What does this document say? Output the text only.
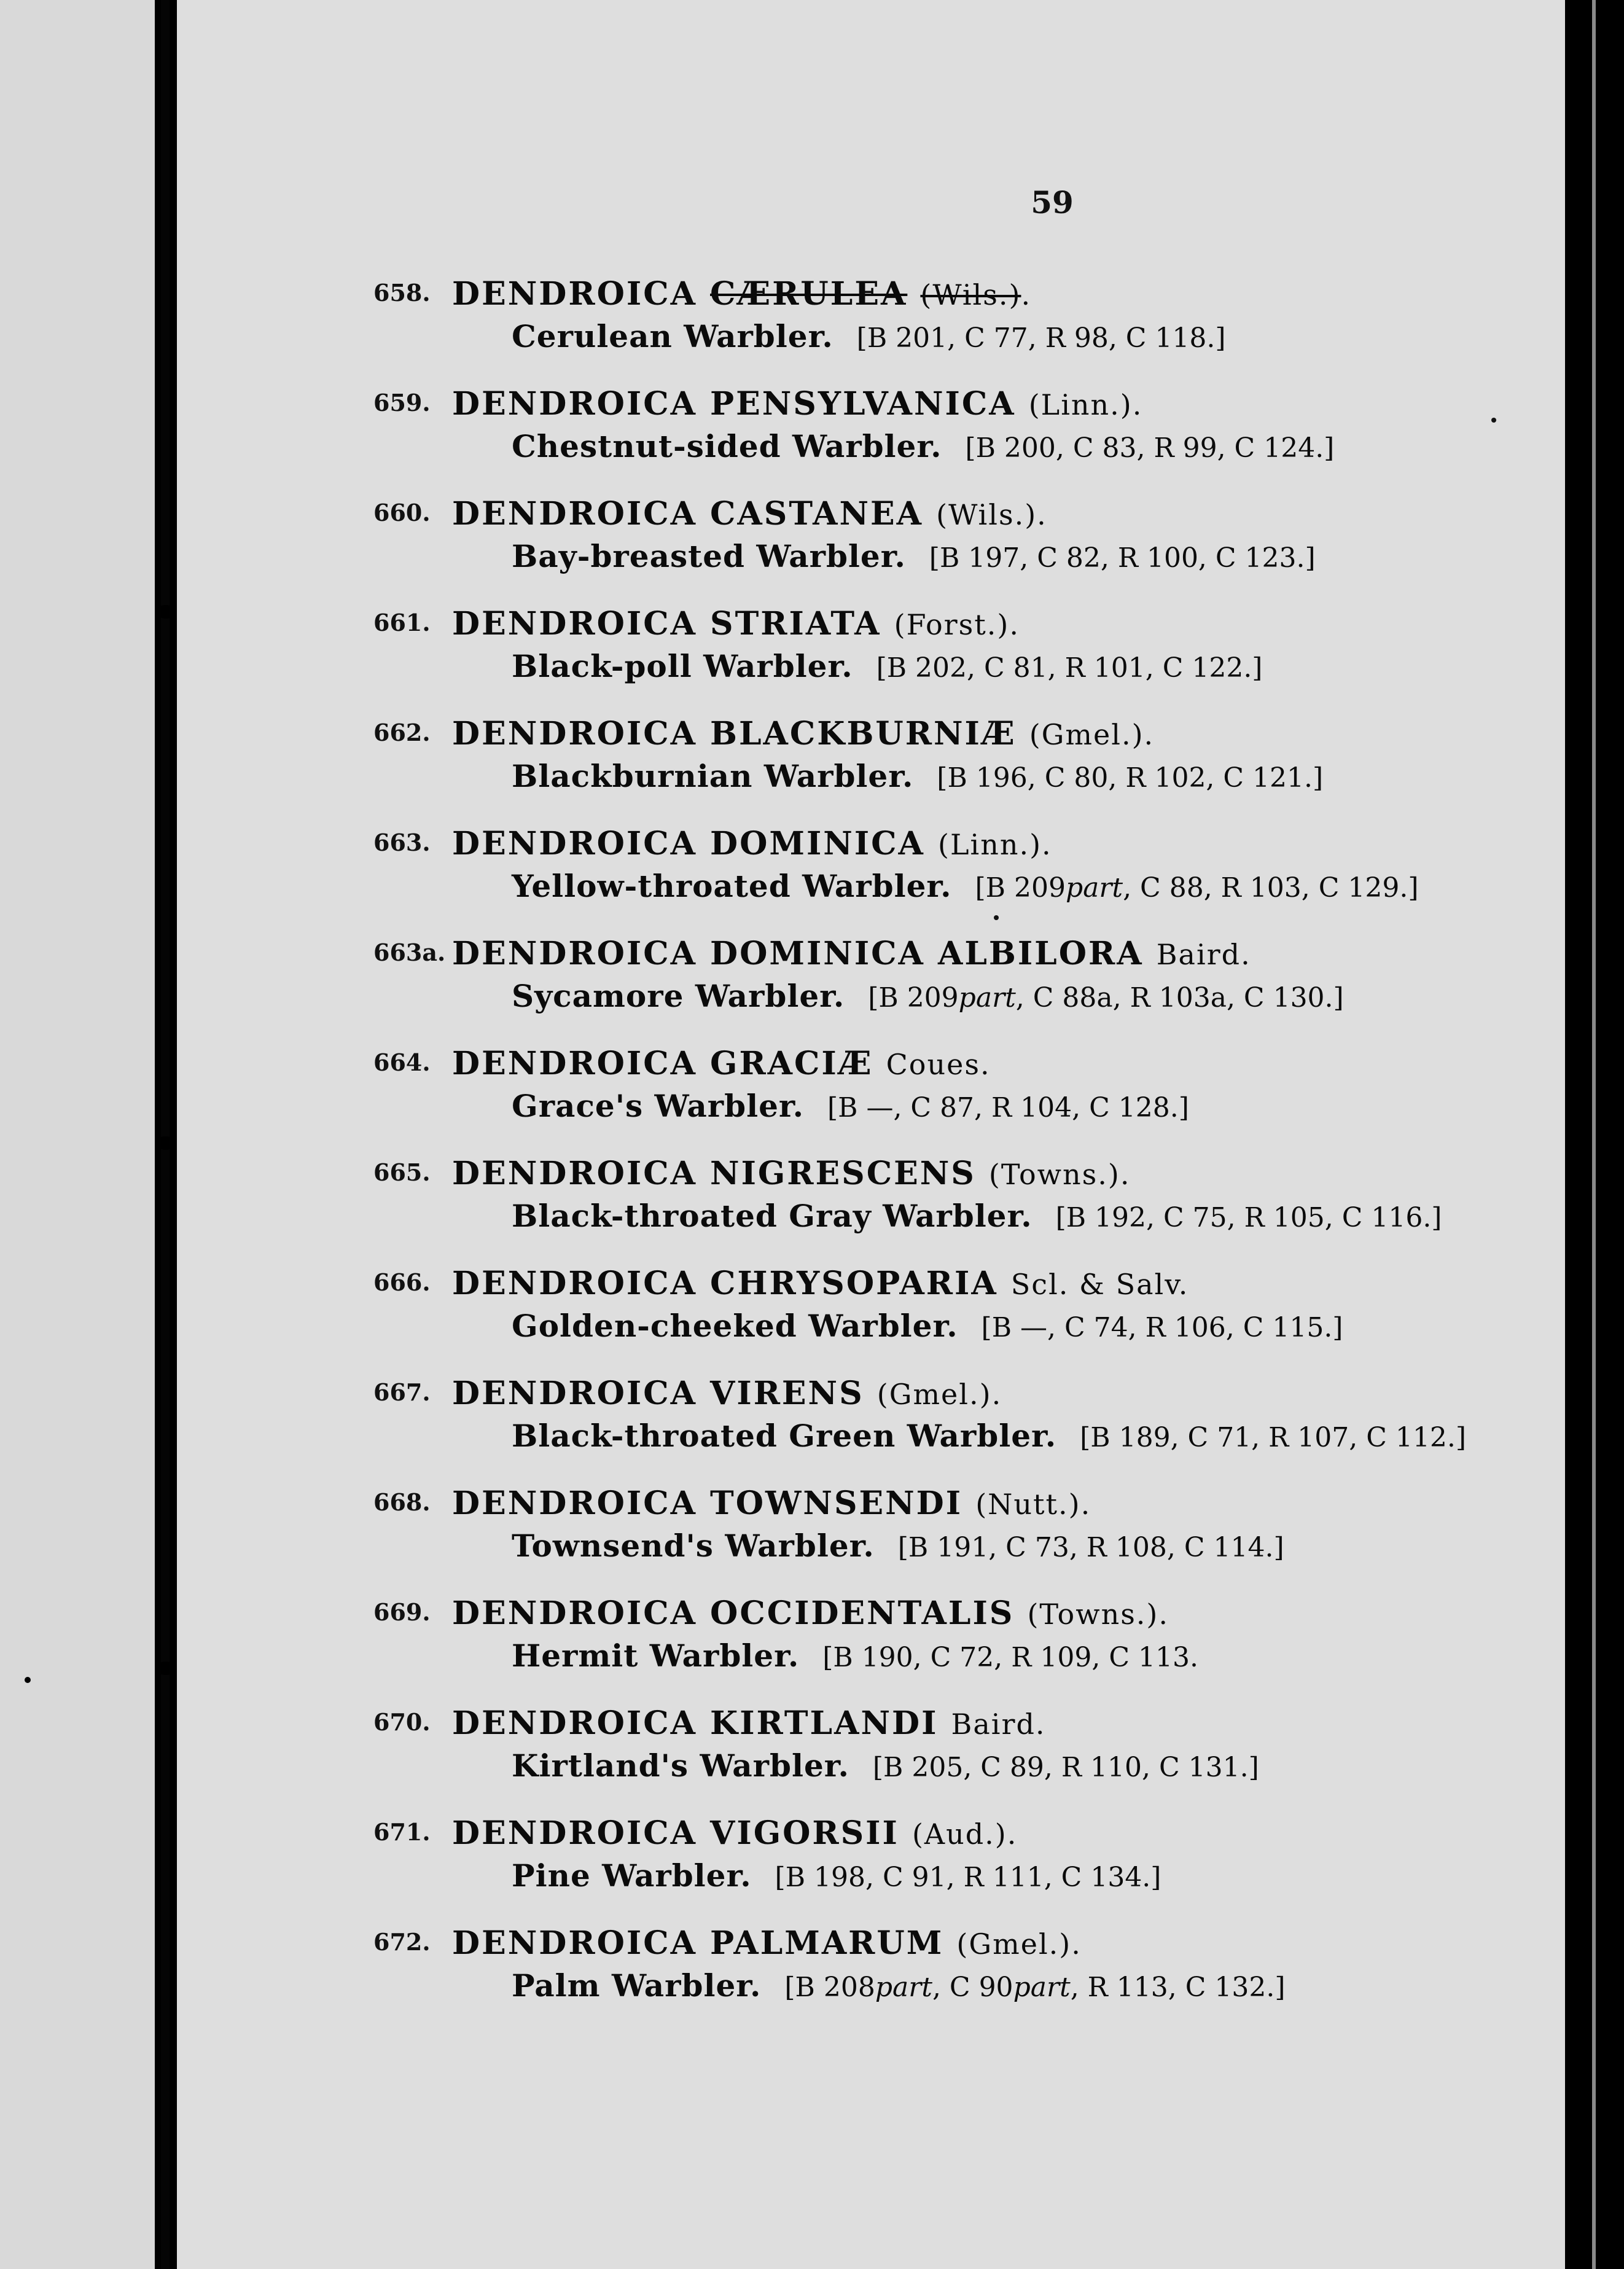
59
658. DENDROICA CÆRULEA (Wils.).
Cerulean Warbler. [B 201, C 77, R 98, C 118.]
659. DENDROICA PENSYLVANICA (Linn.).
Chestnut-sided Warbler. [B 200, C 83, R 99, C 124.]
660. DENDROICA CASTANEA (Wils.).
Bay-breasted Warbler. [B 197, C 82, R 100, C 123.]
661. DENDROICA STRIATA (Forst.).
Black-poll Warbler. [B 202, C 81, R 101, C 122.]
662. DENDROICA BLACKBURNIÆ (Gmel.).
Blackburnian Warbler. [B 196, C 80, R 102, C 121.]
663. DENDROICA DOMINICA (Linn.).
Yellow-throated Warbler. [B 209part, C 88, R 103, C 129.]
663a. DENDROICA DOMINICA ALBILORA Baird.
Sycamore Warbler. [B 209part, C 88a, R 103a, C 130.]
664. DENDROICA GRACIÆ Coues.
Grace's Warbler. [B —, C 87, R 104, C 128.]
665. DENDROICA NIGRESCENS (Towns.).
Black-throated Gray Warbler. [B 192, C 75, R 105, C 116.]
666. DENDROICA CHRYSOPARIA Scl. & Salv.
Golden-cheeked Warbler. [B —, C 74, R 106, C 115.]
667. DENDROICA VIRENS (Gmel.).
Black-throated Green Warbler. [B 189, C 71, R 107, C 112.]
668. DENDROICA TOWNSENDI (Nutt.).
Townsend's Warbler. [B 191, C 73, R 108, C 114.]
669. DENDROICA OCCIDENTALIS (Towns.).
Hermit Warbler. [B 190, C 72, R 109, C 113.
670. DENDROICA KIRTLANDI Baird.
Kirtland's Warbler. [B 205, C 89, R 110, C 131.]
671. DENDROICA VIGORSII (Aud.).
Pine Warbler. [B 198, C 91, R 111, C 134.]
672. DENDROICA PALMARUM (Gmel.).
Palm Warbler. [B 208part, C 90part, R 113, C 132.]
